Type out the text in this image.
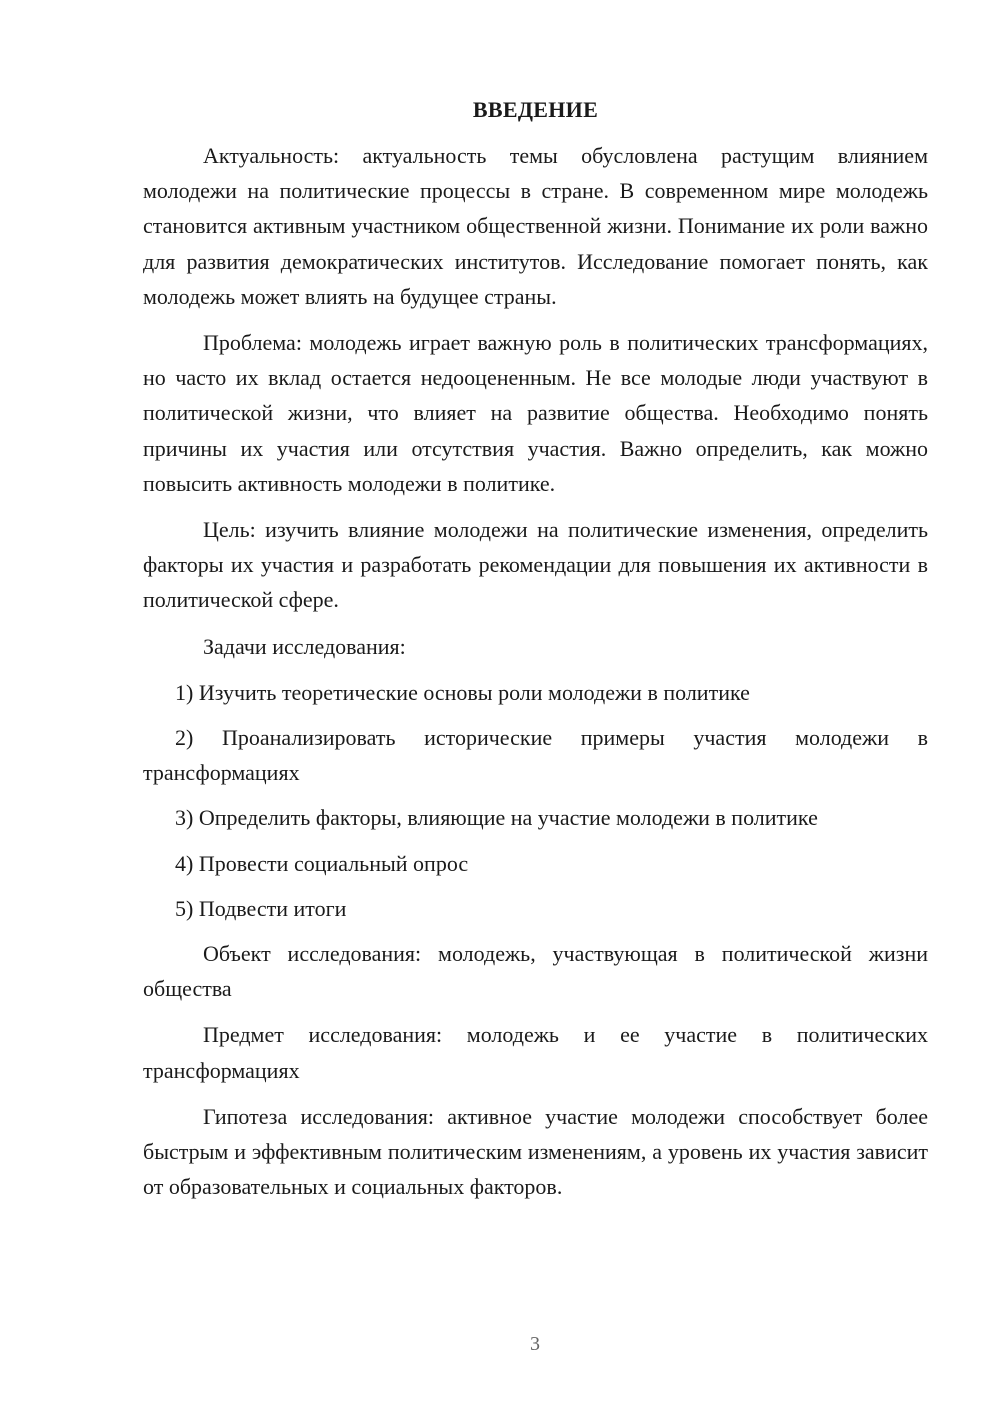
ВВЕДЕНИЕ

Актуальность: актуальность темы обусловлена растущим влиянием молодежи на политические процессы в стране. В современном мире молодежь становится активным участником общественной жизни. Понимание их роли важно для развития демократических институтов. Исследование помогает понять, как молодежь может влиять на будущее страны.

Проблема: молодежь играет важную роль в политических трансформациях, но часто их вклад остается недооцененным. Не все молодые люди участвуют в политической жизни, что влияет на развитие общества. Необходимо понять причины их участия или отсутствия участия. Важно определить, как можно повысить активность молодежи в политике.

Цель: изучить влияние молодежи на политические изменения, определить факторы их участия и разработать рекомендации для повышения их активности в политической сфере.

Задачи исследования:

1) Изучить теоретические основы роли молодежи в политике

2) Проанализировать исторические примеры участия молодежи в трансформациях

3) Определить факторы, влияющие на участие молодежи в политике

4) Провести социальный опрос

5) Подвести итоги

Объект исследования: молодежь, участвующая в политической жизни общества

Предмет исследования: молодежь и ее участие в политических трансформациях

Гипотеза исследования: активное участие молодежи способствует более быстрым и эффективным политическим изменениям, а уровень их участия зависит от образовательных и социальных факторов.

3
